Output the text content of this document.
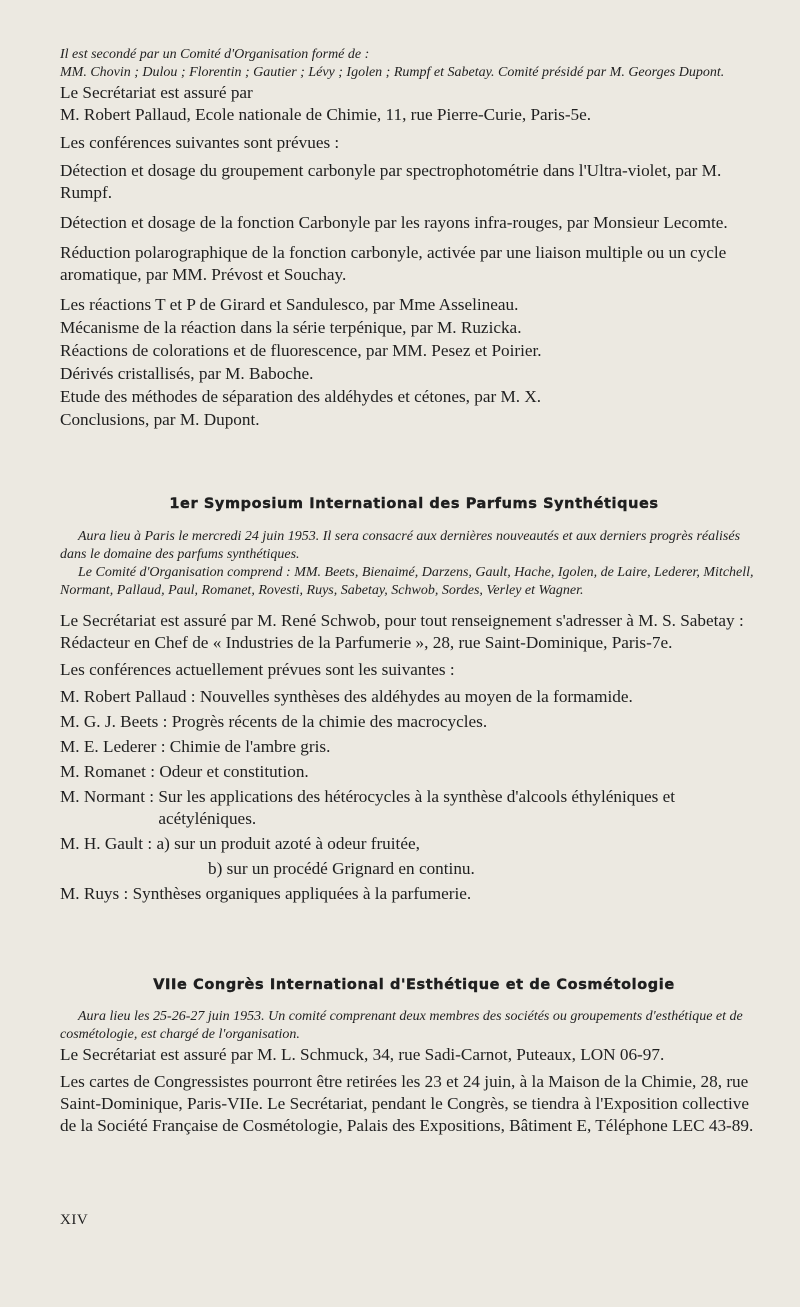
Il est secondé par un Comité d'Organisation formé de :

MM. Chovin ; Dulou ; Florentin ; Gautier ; Lévy ; Igolen ; Rumpf et Sabetay. Comité présidé par M. Georges Dupont.

Le Secrétariat est assuré par

M. Robert Pallaud, Ecole nationale de Chimie, 11, rue Pierre-Curie, Paris-5e.

Les conférences suivantes sont prévues :

Détection et dosage du groupement carbonyle par spectrophotométrie dans l'Ultra-violet, par M. Rumpf.

Détection et dosage de la fonction Carbonyle par les rayons infra-rouges, par Monsieur Lecomte.

Réduction polarographique de la fonction carbonyle, activée par une liaison multiple ou un cycle aromatique, par MM. Prévost et Souchay.

Les réactions T et P de Girard et Sandulesco, par Mme Asselineau.

Mécanisme de la réaction dans la série terpénique, par M. Ruzicka.

Réactions de colorations et de fluorescence, par MM. Pesez et Poirier.

Dérivés cristallisés, par M. Baboche.

Etude des méthodes de séparation des aldéhydes et cétones, par M. X.

Conclusions, par M. Dupont.

1er Symposium International des Parfums Synthétiques

Aura lieu à Paris le mercredi 24 juin 1953. Il sera consacré aux dernières nouveautés et aux derniers progrès réalisés dans le domaine des parfums synthétiques.

Le Comité d'Organisation comprend : MM. Beets, Bienaimé, Darzens, Gault, Hache, Igolen, de Laire, Lederer, Mitchell, Normant, Pallaud, Paul, Romanet, Rovesti, Ruys, Sabetay, Schwob, Sordes, Verley et Wagner.

Le Secrétariat est assuré par M. René Schwob, pour tout renseignement s'adresser à M. S. Sabetay : Rédacteur en Chef de « Industries de la Parfumerie », 28, rue Saint-Dominique, Paris-7e.

Les conférences actuellement prévues sont les suivantes :

M. Robert Pallaud : Nouvelles synthèses des aldéhydes au moyen de la formamide.
M. G. J. Beets : Progrès récents de la chimie des macrocycles.
M. E. Lederer : Chimie de l'ambre gris.
M. Romanet : Odeur et constitution.
M. Normant : Sur les applications des hétérocycles à la synthèse d'alcools éthyléniques et acétyléniques.
M. H. Gault : a) sur un produit azoté à odeur fruitée,
b) sur un procédé Grignard en continu.
M. Ruys : Synthèses organiques appliquées à la parfumerie.

VIIe Congrès International d'Esthétique et de Cosmétologie

Aura lieu les 25-26-27 juin 1953. Un comité comprenant deux membres des sociétés ou groupements d'esthétique et de cosmétologie, est chargé de l'organisation.

Le Secrétariat est assuré par M. L. Schmuck, 34, rue Sadi-Carnot, Puteaux, LON 06-97.

Les cartes de Congressistes pourront être retirées les 23 et 24 juin, à la Maison de la Chimie, 28, rue Saint-Dominique, Paris-VIIe. Le Secrétariat, pendant le Congrès, se tiendra à l'Exposition collective de la Société Française de Cosmétologie, Palais des Expositions, Bâtiment E, Téléphone LEC 43-89.

XIV
